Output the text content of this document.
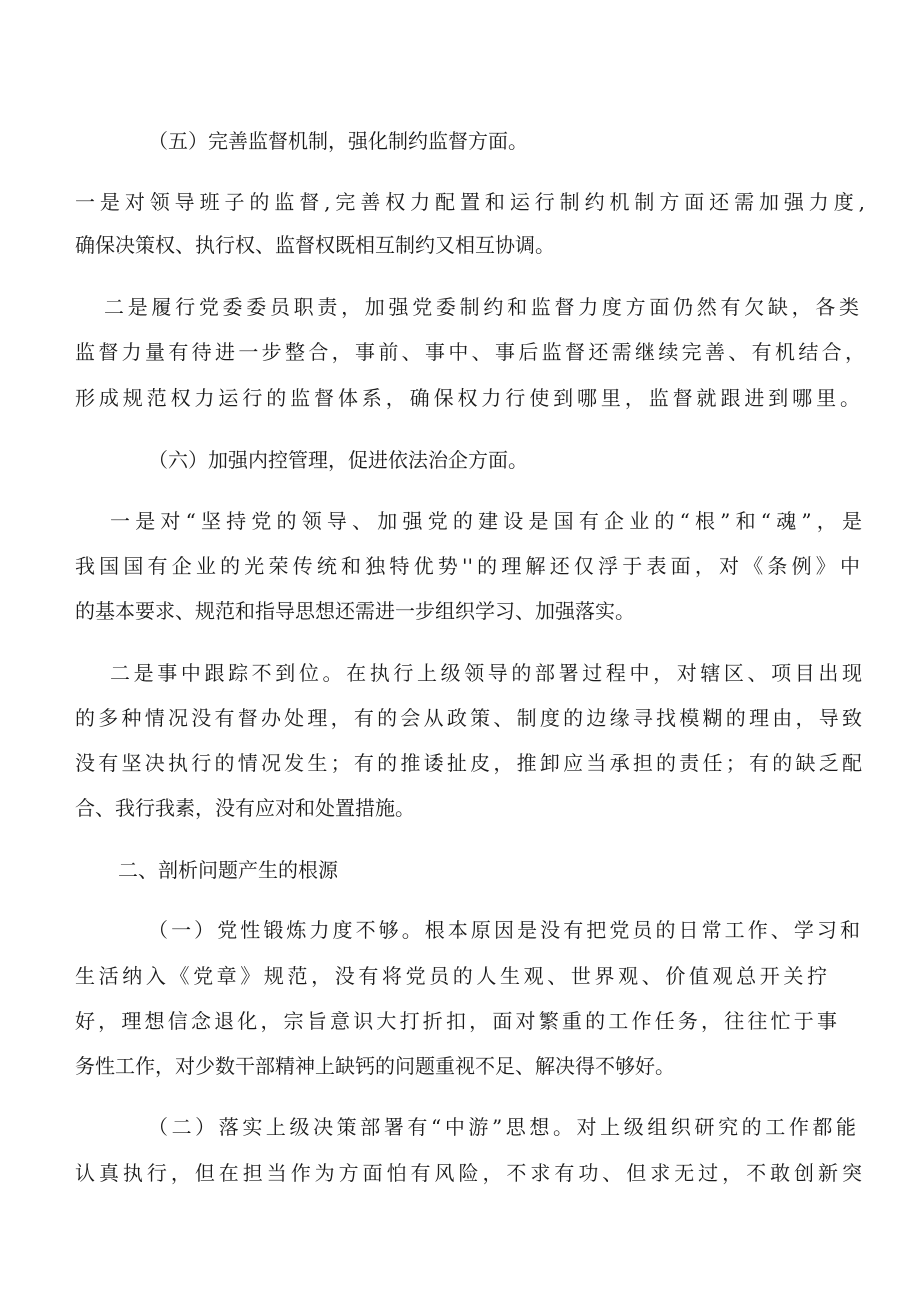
（五）完善监督机制，强化制约监督方面。
一是对领导班子的监督,完善权力配置和运行制约机制方面还需加强力度,
确保决策权、执行权、监督权既相互制约又相互协调。
二是履行党委委员职责，加强党委制约和监督力度方面仍然有欠缺，各类
监督力量有待进一步整合，事前、事中、事后监督还需继续完善、有机结合，
形成规范权力运行的监督体系，确保权力行使到哪里，监督就跟进到哪里。
（六）加强内控管理，促进依法治企方面。
一是对“坚持党的领导、加强党的建设是国有企业的“根”和“魂”，是
我国国有企业的光荣传统和独特优势''的理解还仅浮于表面，对《条例》中
的基本要求、规范和指导思想还需进一步组织学习、加强落实。
二是事中跟踪不到位。在执行上级领导的部署过程中，对辖区、项目出现
的多种情况没有督办处理，有的会从政策、制度的边缘寻找模糊的理由，导致
没有坚决执行的情况发生；有的推诿扯皮，推卸应当承担的责任；有的缺乏配
合、我行我素，没有应对和处置措施。
二、剖析问题产生的根源
（一）党性锻炼力度不够。根本原因是没有把党员的日常工作、学习和
生活纳入《党章》规范，没有将党员的人生观、世界观、价值观总开关拧
好，理想信念退化，宗旨意识大打折扣，面对繁重的工作任务，往往忙于事
务性工作，对少数干部精神上缺钙的问题重视不足、解决得不够好。
（二）落实上级决策部署有“中游”思想。对上级组织研究的工作都能
认真执行，但在担当作为方面怕有风险，不求有功、但求无过，不敢创新突
